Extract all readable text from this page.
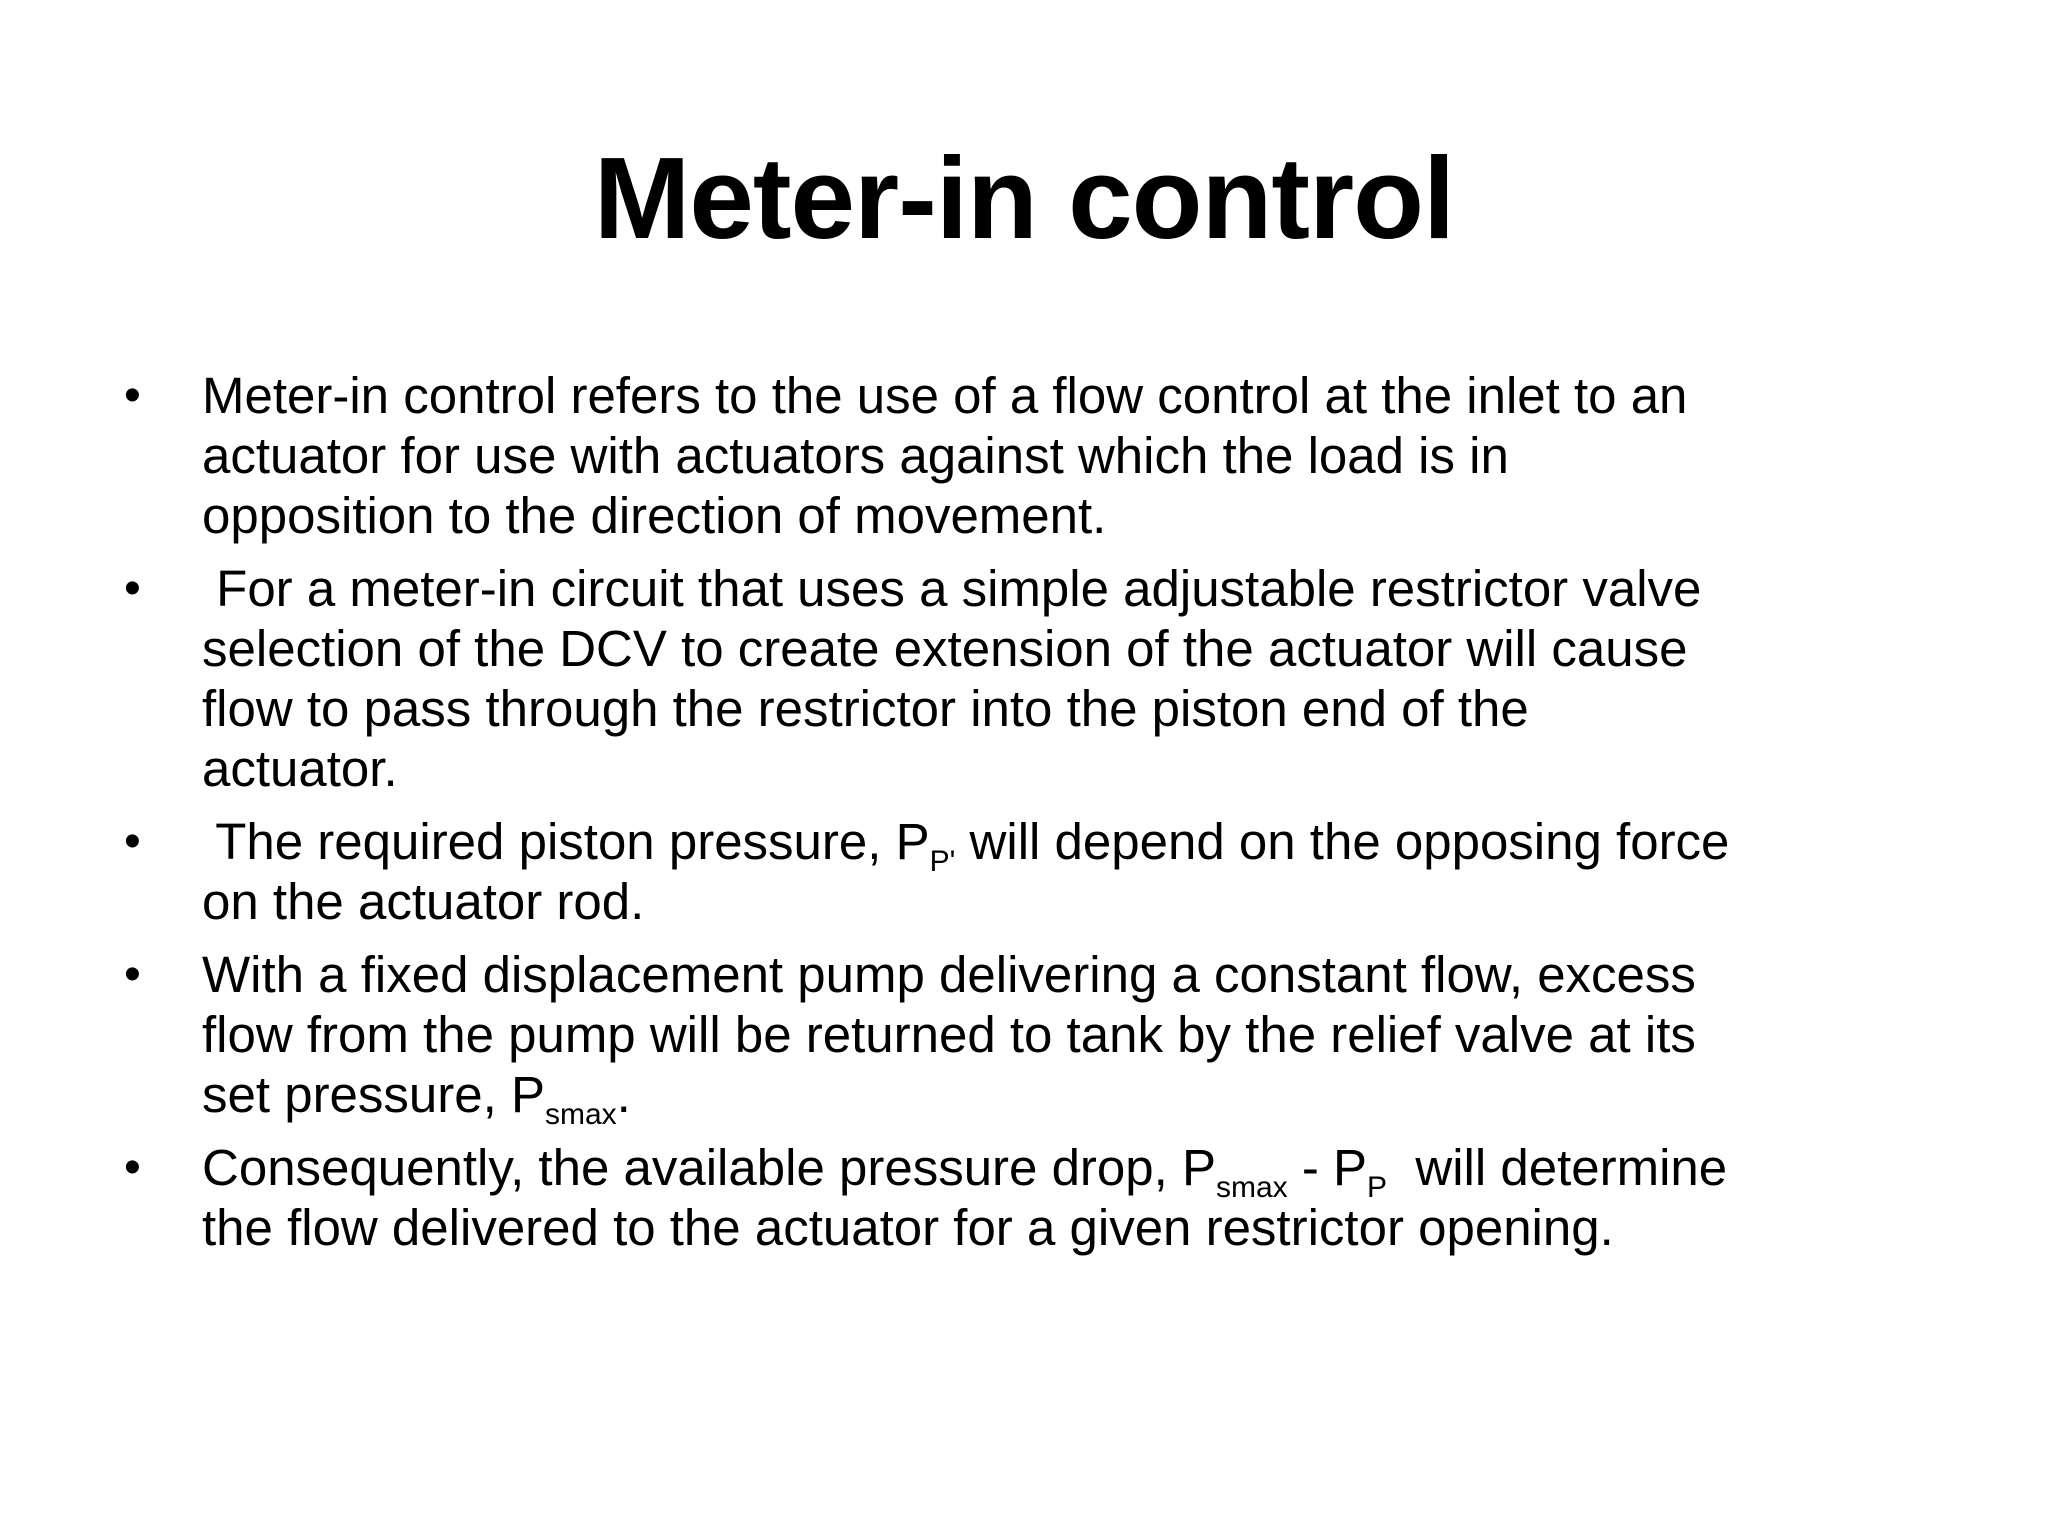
Meter-in control
•	Meter-in control refers to the use of a flow control at the inlet to an
actuator for use with actuators against which the load is in
opposition to the direction of movement.
•	For a meter-in circuit that uses a simple adjustable restrictor valve
selection of the DCV to create extension of the actuator will cause
flow to pass through the restrictor into the piston end of the
actuator.
•	The required piston pressure, $P_{P'}$ will depend on the opposing force
on the actuator rod.
•	With a fixed displacement pump delivering a constant flow, excess
flow from the pump will be returned to tank by the relief valve at its
set pressure, $P_{smax}$.
•	Consequently, the available pressure drop, $P_{smax} - P_P$  will determine
the flow delivered to the actuator for a given restrictor opening.
